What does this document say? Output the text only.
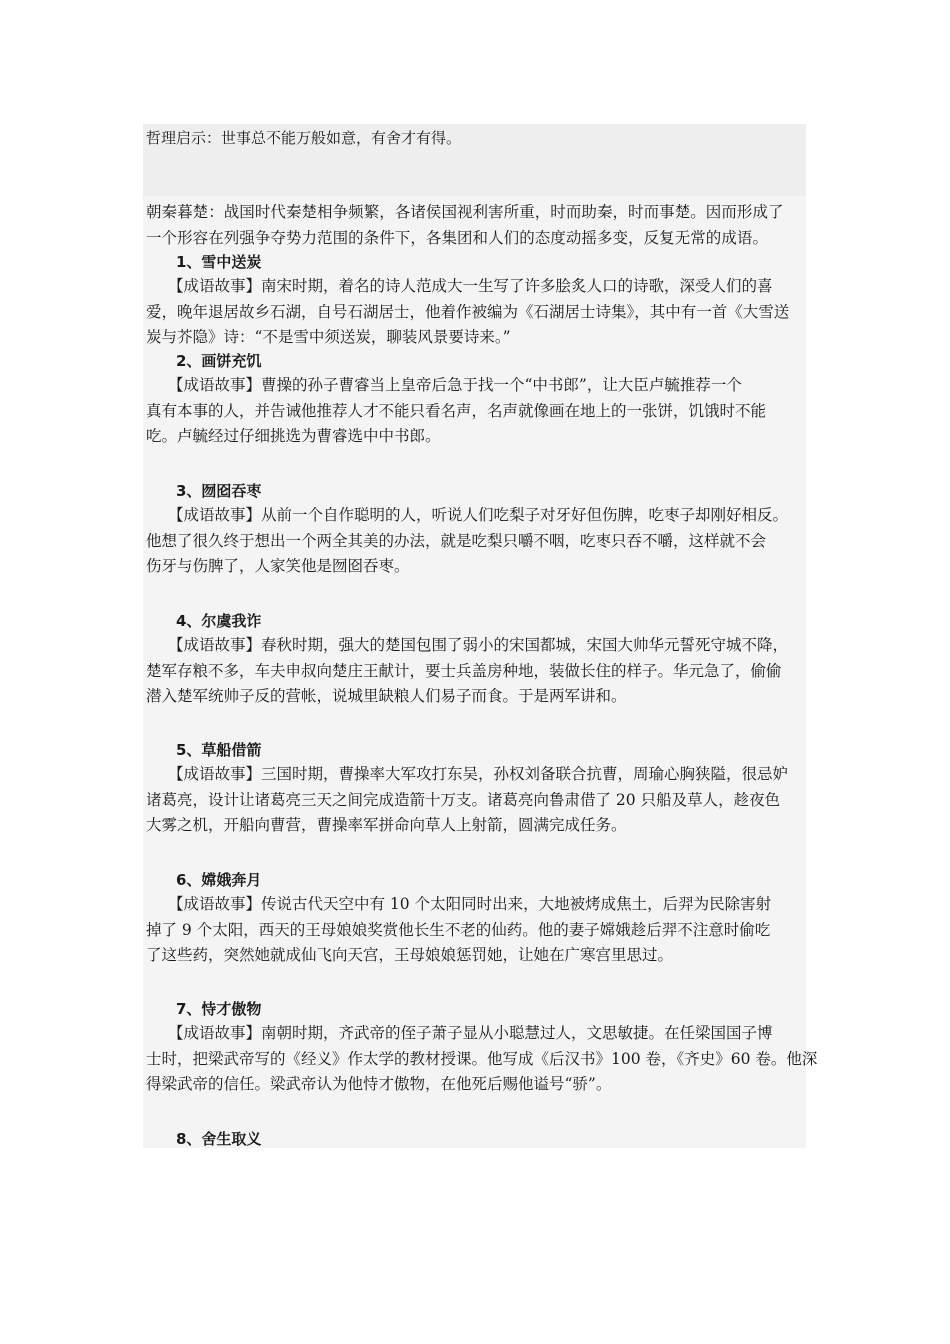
哲理启示：世事总不能万般如意，有舍才有得。
朝秦暮楚：战国时代秦楚相争频繁，各诸侯国视利害所重，时而助秦，时而事楚。因而形成了
一个形容在列强争夺势力范围的条件下，各集团和人们的态度动摇多变，反复无常的成语。
1、雪中送炭
【成语故事】南宋时期，着名的诗人范成大一生写了许多脍炙人口的诗歌，深受人们的喜
爱，晚年退居故乡石湖，自号石湖居士，他着作被编为《石湖居士诗集》，其中有一首《大雪送
炭与芥隐》诗：“不是雪中须送炭，聊装风景要诗来。”
2、画饼充饥
【成语故事】曹操的孙子曹睿当上皇帝后急于找一个“中书郎”，让大臣卢毓推荐一个
真有本事的人，并告诫他推荐人才不能只看名声，名声就像画在地上的一张饼，饥饿时不能
吃。卢毓经过仔细挑选为曹睿选中中书郎。
3、囫囵吞枣
【成语故事】从前一个自作聪明的人，听说人们吃梨子对牙好但伤脾，吃枣子却刚好相反。
他想了很久终于想出一个两全其美的办法，就是吃梨只嚼不咽，吃枣只吞不嚼，这样就不会
伤牙与伤脾了，人家笑他是囫囵吞枣。
4、尔虞我诈
【成语故事】春秋时期，强大的楚国包围了弱小的宋国都城，宋国大帅华元誓死守城不降，
楚军存粮不多，车夫申叔向楚庄王献计，要士兵盖房种地，装做长住的样子。华元急了，偷偷
潜入楚军统帅子反的营帐，说城里缺粮人们易子而食。于是两军讲和。
5、草船借箭
【成语故事】三国时期，曹操率大军攻打东吴，孙权刘备联合抗曹，周瑜心胸狭隘，很忌妒
诸葛亮，设计让诸葛亮三天之间完成造箭十万支。诸葛亮向鲁肃借了 20 只船及草人，趁夜色
大雾之机，开船向曹营，曹操率军拼命向草人上射箭，圆满完成任务。
6、嫦娥奔月
【成语故事】传说古代天空中有 10 个太阳同时出来，大地被烤成焦土，后羿为民除害射
掉了 9 个太阳，西天的王母娘娘奖赏他长生不老的仙药。他的妻子嫦娥趁后羿不注意时偷吃
了这些药，突然她就成仙飞向天宫，王母娘娘惩罚她，让她在广寒宫里思过。
7、恃才傲物
【成语故事】南朝时期，齐武帝的侄子萧子显从小聪慧过人，文思敏捷。在任梁国国子博
士时，把梁武帝写的《经义》作太学的教材授课。他写成《后汉书》100 卷，《齐史》60 卷。他深
得梁武帝的信任。梁武帝认为他恃才傲物，在他死后赐他谥号“骄”。
8、舍生取义
